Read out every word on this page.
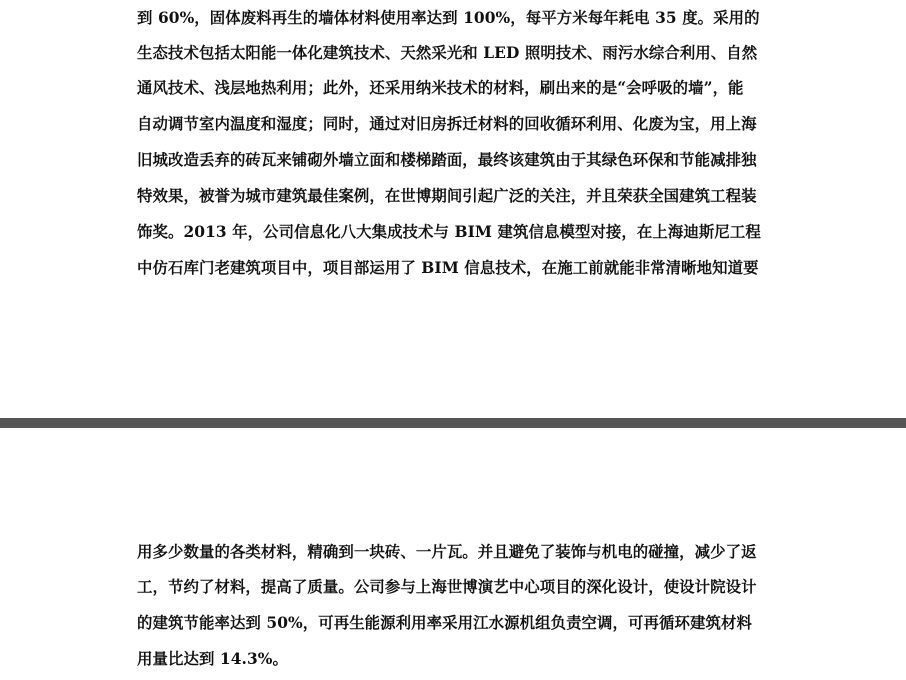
到 60%，固体废料再生的墙体材料使用率达到 100%，每平方米每年耗电 35 度。采用的
生态技术包括太阳能一体化建筑技术、天然采光和 LED 照明技术、雨污水综合利用、自然
通风技术、浅层地热利用；此外，还采用纳米技术的材料，刷出来的是“会呼吸的墙”，能
自动调节室内温度和湿度；同时，通过对旧房拆迁材料的回收循环利用、化废为宝，用上海
旧城改造丢弃的砖瓦来铺砌外墙立面和楼梯踏面，最终该建筑由于其绿色环保和节能减排独
特效果，被誉为城市建筑最佳案例，在世博期间引起广泛的关注，并且荣获全国建筑工程装
饰奖。2013 年，公司信息化八大集成技术与 BIM 建筑信息模型对接，在上海迪斯尼工程
中仿石库门老建筑项目中，项目部运用了 BIM 信息技术，在施工前就能非常清晰地知道要
用多少数量的各类材料，精确到一块砖、一片瓦。并且避免了装饰与机电的碰撞，减少了返
工，节约了材料，提高了质量。公司参与上海世博演艺中心项目的深化设计，使设计院设计
的建筑节能率达到 50%，可再生能源利用率采用江水源机组负责空调，可再循环建筑材料
用量比达到 14.3%。
